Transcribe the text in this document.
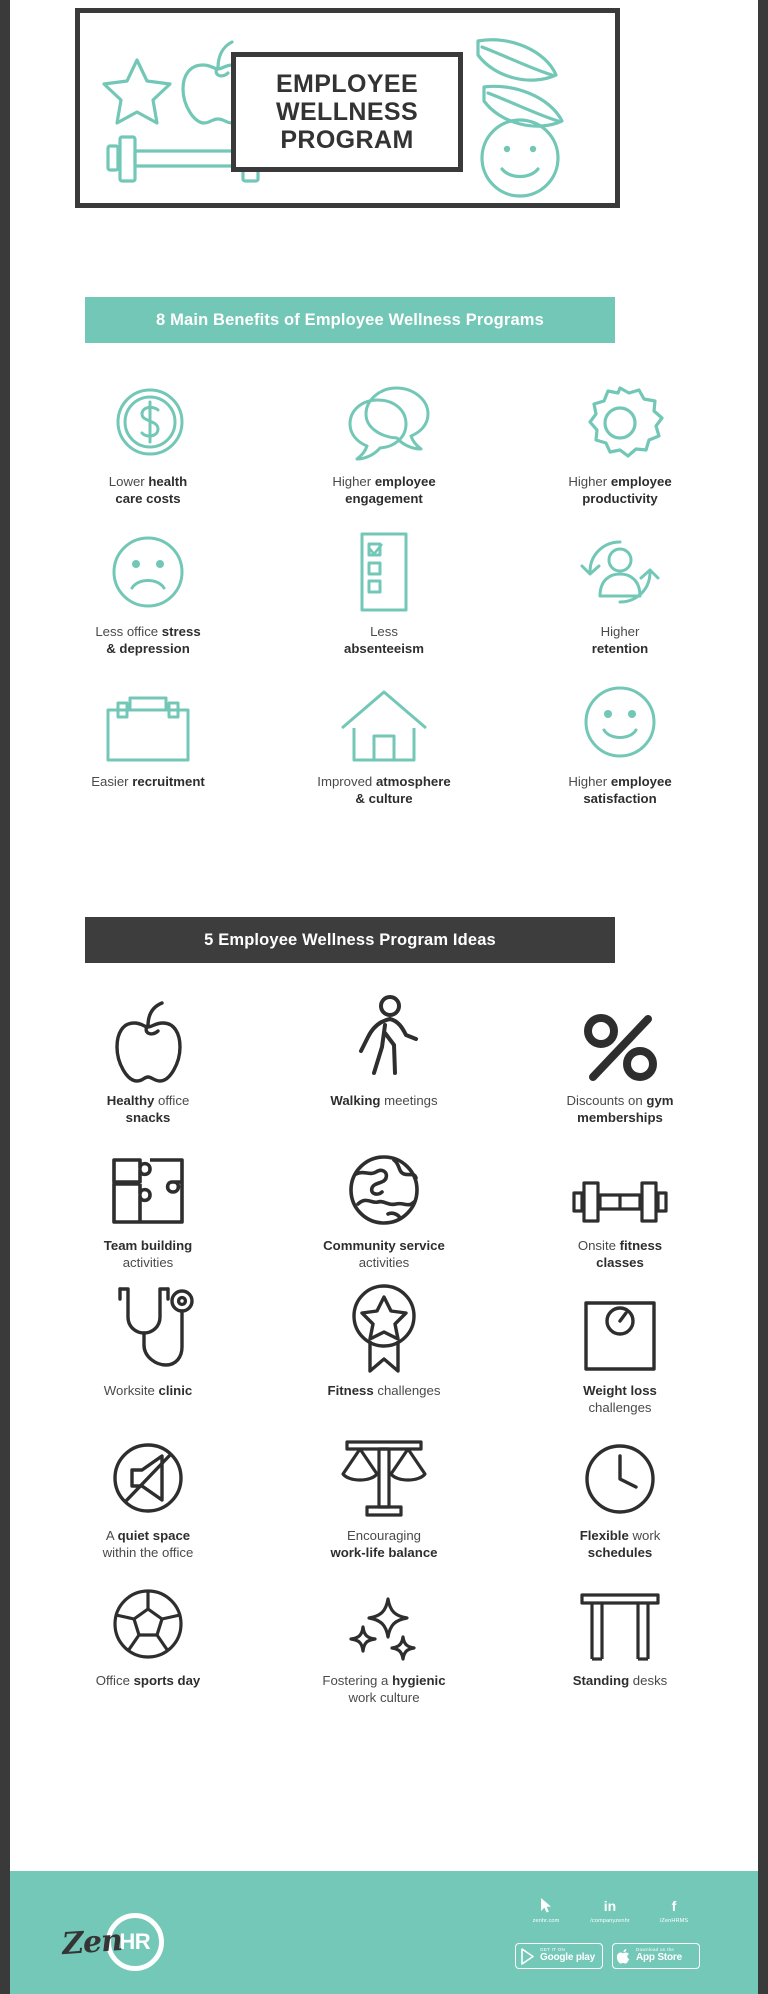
EMPLOYEE
WELLNESS
PROGRAM
8 Main Benefits of Employee Wellness Programs
Lower health
care costs
Higher employee
engagement
Higher employee
productivity
Less office stress
& depression
Less
absenteeism
Higher
retention
Easier recruitment	Improved atmosphere
& culture
Higher employee
satisfaction
5 Employee Wellness Program Ideas
Healthy office
snacks
Walking meetings	Discounts on gym
memberships
Team building
activities
Community service
activities
Onsite fitness
classes
Worksite clinic	Fitness challenges	Weight loss
challenges
A quiet space
within the office
Encouraging
work-life balance
Flexible work
schedules
Office sports day	Fostering a hygienic
work culture
Standing desks
Zen
HR
zenhr.com
in
/companyzenhr
f
/ZenHRMS
GET IT ON
Google play
Download on the
App Store
